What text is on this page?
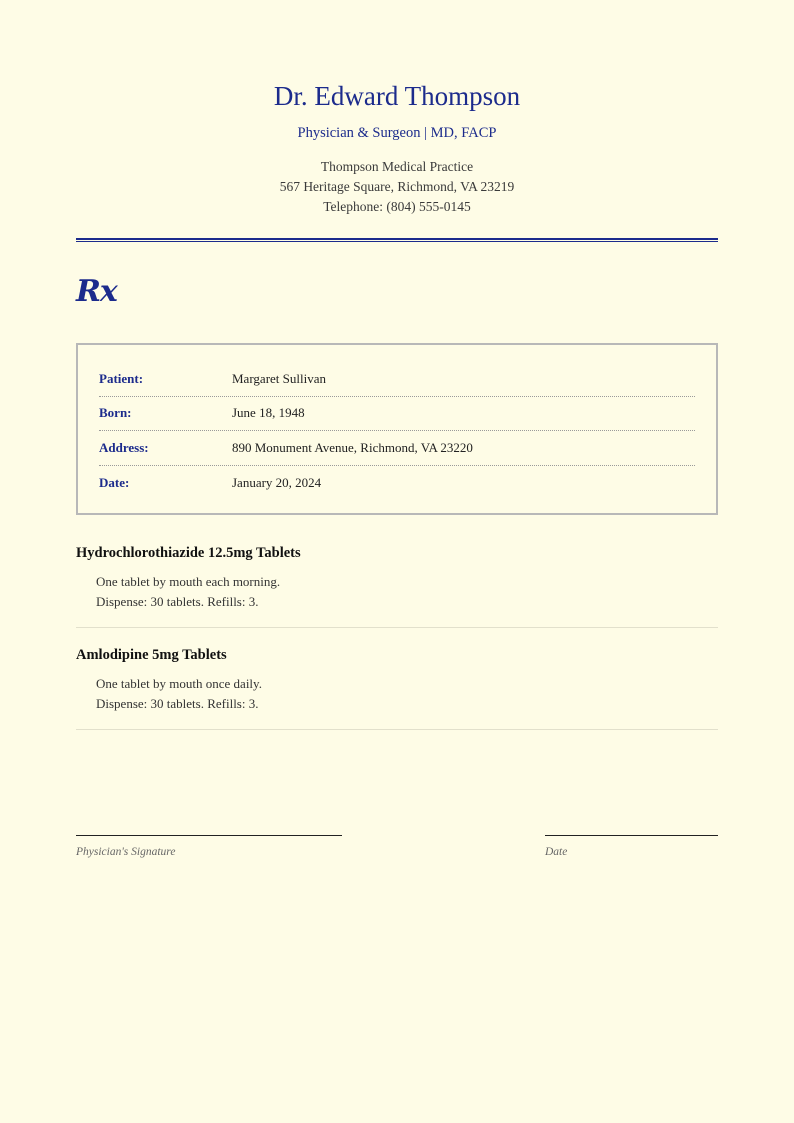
Dr. Edward Thompson
Physician & Surgeon | MD, FACP
Thompson Medical Practice
567 Heritage Square, Richmond, VA 23219
Telephone: (804) 555-0145
Rx
Patient:	Margaret Sullivan
Born:	June 18, 1948
Address:	890 Monument Avenue, Richmond, VA 23220
Date:	January 20, 2024
Hydrochlorothiazide 12.5mg Tablets
One tablet by mouth each morning.
Dispense: 30 tablets. Refills: 3.
Amlodipine 5mg Tablets
One tablet by mouth once daily.
Dispense: 30 tablets. Refills: 3.
Physician's Signature	Date
